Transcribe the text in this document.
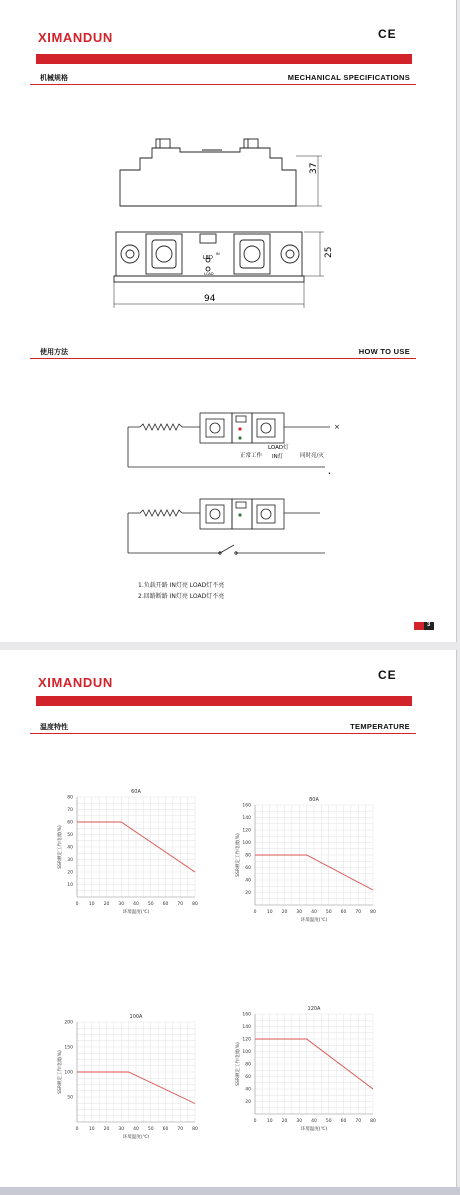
XIMANDUN	CE
机械规格	MECHANICAL SPECIFICATIONS
37
25
94
LED
IN
LOAD
使用方法	HOW TO USE
×
•
正常工作
LOAD灯
IN灯	同时亮/灭
1.负载开路 IN灯亮 LOAD灯不亮
2.回路断路 IN灯亮 LOAD灯不亮
3
XIMANDUN	CE
温度特性	TEMPERATURE
0 10 20 30 40 50 60 70 80
10
20
30
40
50
60
70
80
60A
环境温度(℃)
SSR额定工作电流(%)
0 10 20 30 40 50 60 70 80
20
40
60
80
100
120
140
160
80A
环境温度(℃)
SSR额定工作电流(%)
0 10 20 30 40 50 60 70 80
50
100
150
200
100A
环境温度(℃)
SSR额定工作电流(%)
0 10 20 30 40 50 60 70 80
20
40
60
80
100
120
140
160
120A
环境温度(℃)
SSR额定工作电流(%)
